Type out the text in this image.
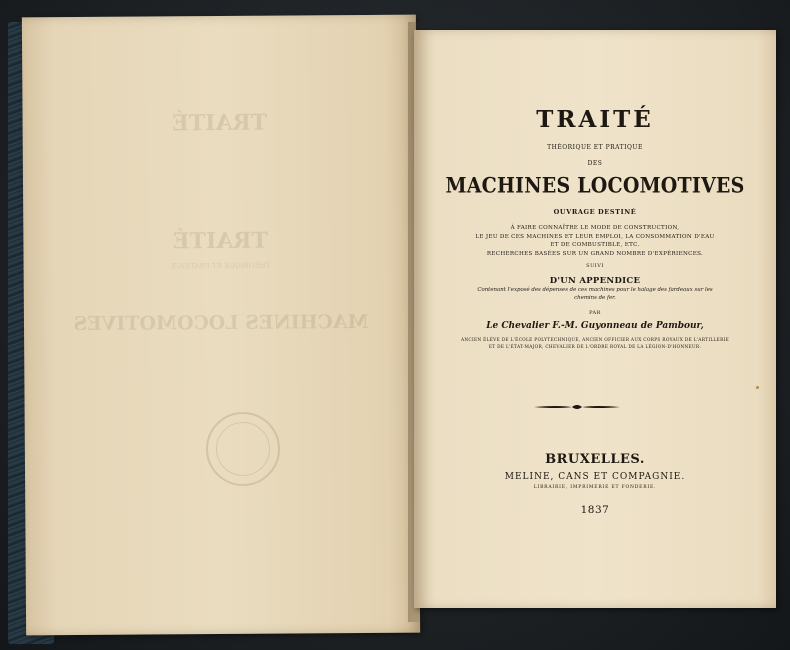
TRAITÉ
TRAITÉ
THÉORIQUE ET PRATIQUE
MACHINES LOCOMOTIVES
TRAITÉ
THÉORIQUE ET PRATIQUE
DES
MACHINES LOCOMOTIVES
OUVRAGE DESTINÉ
À FAIRE CONNAÎTRE LE MODE DE CONSTRUCTION,
LE JEU DE CES MACHINES ET LEUR EMPLOI, LA CONSOMMATION D'EAU
ET DE COMBUSTIBLE, ETC.
RECHERCHES BASÉES SUR UN GRAND NOMBRE D'EXPÉRIENCES.
SUIVI
D'UN APPENDICE
Contenant l'exposé des dépenses de ces machines pour le halage des fardeaux sur les
chemins de fer.
PAR
Le Chevalier F.-M. Guyonneau de Pambour,
ANCIEN ÉLÈVE DE L'ÉCOLE POLYTECHNIQUE, ANCIEN OFFICIER AUX CORPS ROYAUX DE L'ARTILLERIE
ET DE L'ÉTAT-MAJOR, CHEVALIER DE L'ORDRE ROYAL DE LA LÉGION-D'HONNEUR.
BRUXELLES.
MELINE, CANS ET COMPAGNIE.
LIBRAIRIE, IMPRIMERIE ET FONDERIE.
1837
